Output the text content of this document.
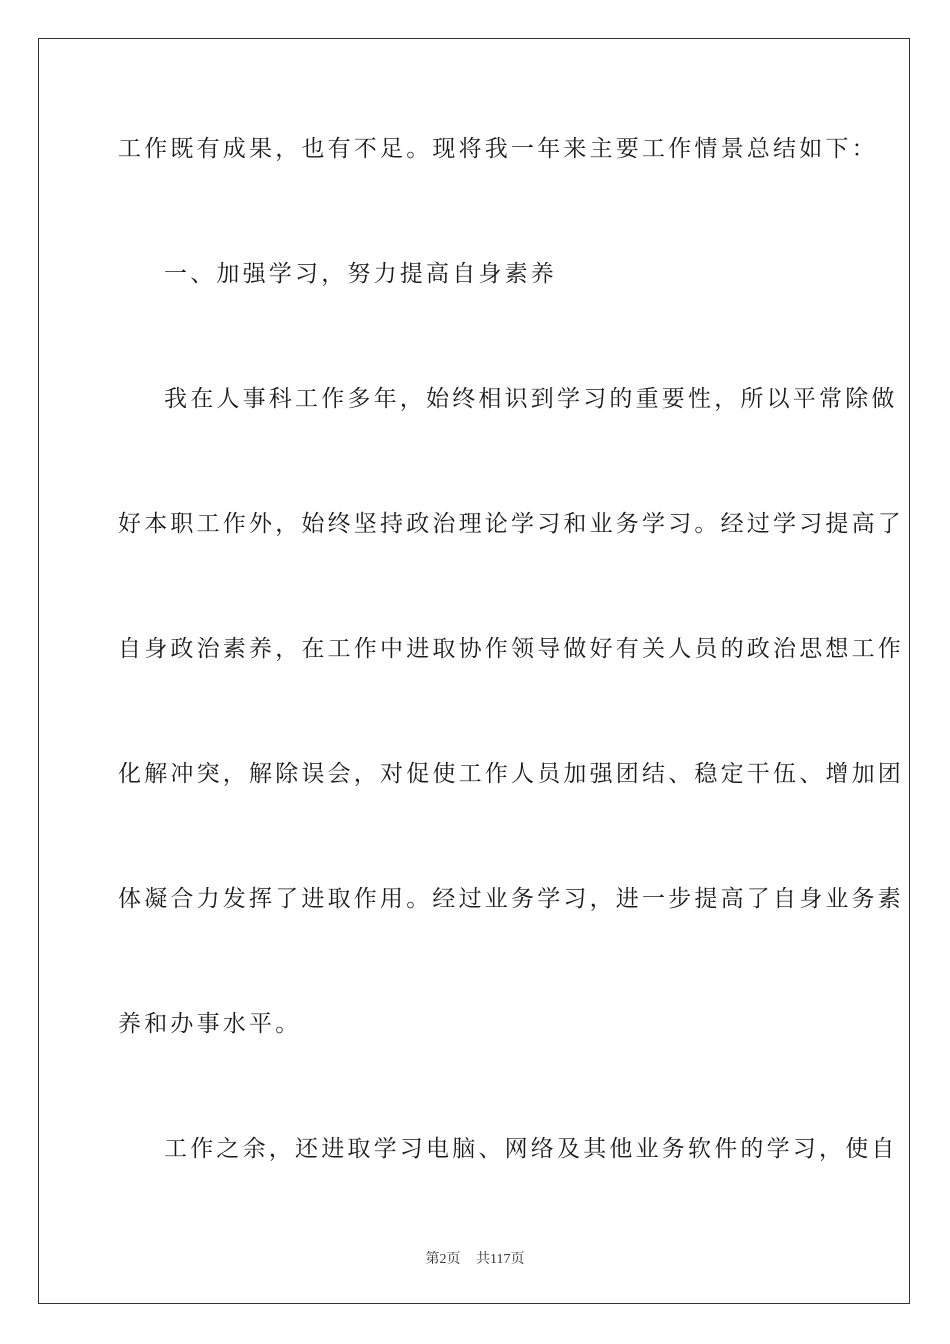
工作既有成果，也有不足。现将我一年来主要工作情景总结如下：
一、加强学习，努力提高自身素养
我在人事科工作多年，始终相识到学习的重要性，所以平常除做
好本职工作外，始终坚持政治理论学习和业务学习。经过学习提高了
自身政治素养，在工作中进取协作领导做好有关人员的政治思想工作
化解冲突，解除误会，对促使工作人员加强团结、稳定干伍、增加团
体凝合力发挥了进取作用。经过业务学习，进一步提高了自身业务素
养和办事水平。
工作之余，还进取学习电脑、网络及其他业务软件的学习，使自
第2页 共117页
